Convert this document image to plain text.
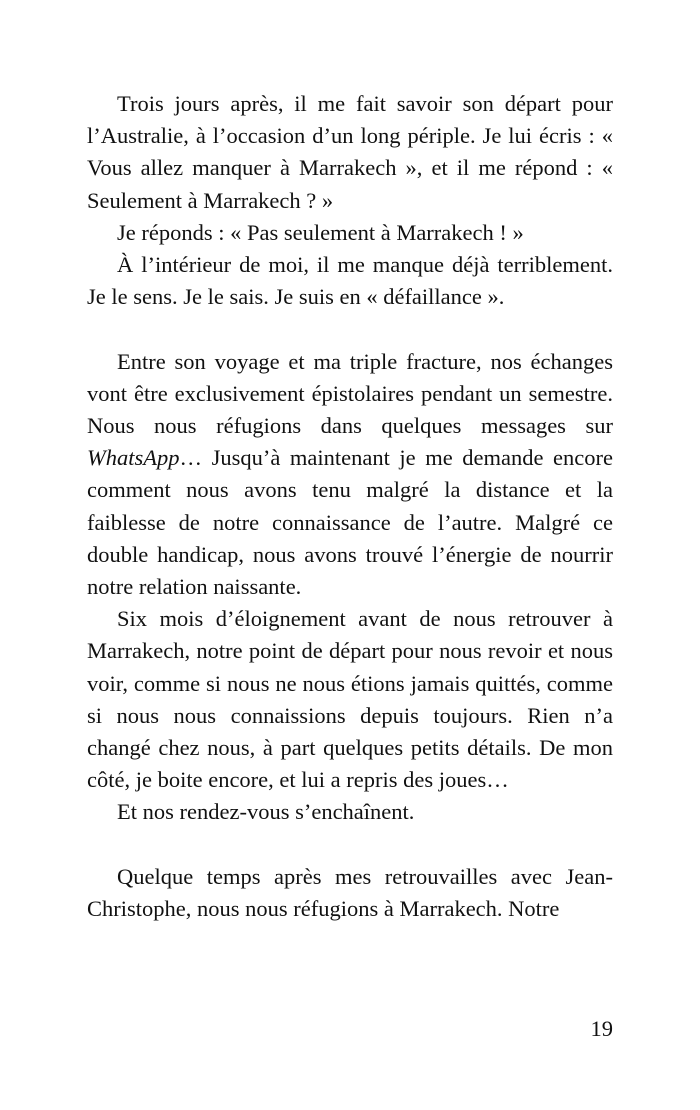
Trois jours après, il me fait savoir son départ pour l’Australie, à l’occasion d’un long périple. Je lui écris : « Vous allez manquer à Marrakech », et il me répond : « Seulement à Marrakech ? »

Je réponds : « Pas seulement à Marrakech ! »

À l’intérieur de moi, il me manque déjà terriblement. Je le sens. Je le sais. Je suis en « défaillance ».

Entre son voyage et ma triple fracture, nos échanges vont être exclusivement épistolaires pendant un semestre. Nous nous réfugions dans quelques messages sur WhatsApp… Jusqu’à maintenant je me demande encore comment nous avons tenu malgré la distance et la faiblesse de notre connaissance de l’autre. Malgré ce double handicap, nous avons trouvé l’énergie de nourrir notre relation naissante.

Six mois d’éloignement avant de nous retrouver à Marrakech, notre point de départ pour nous revoir et nous voir, comme si nous ne nous étions jamais quittés, comme si nous nous connaissions depuis toujours. Rien n’a changé chez nous, à part quelques petits détails. De mon côté, je boite encore, et lui a repris des joues…

Et nos rendez-vous s’enchaînent.

Quelque temps après mes retrouvailles avec Jean-Christophe, nous nous réfugions à Marrakech. Notre

19
